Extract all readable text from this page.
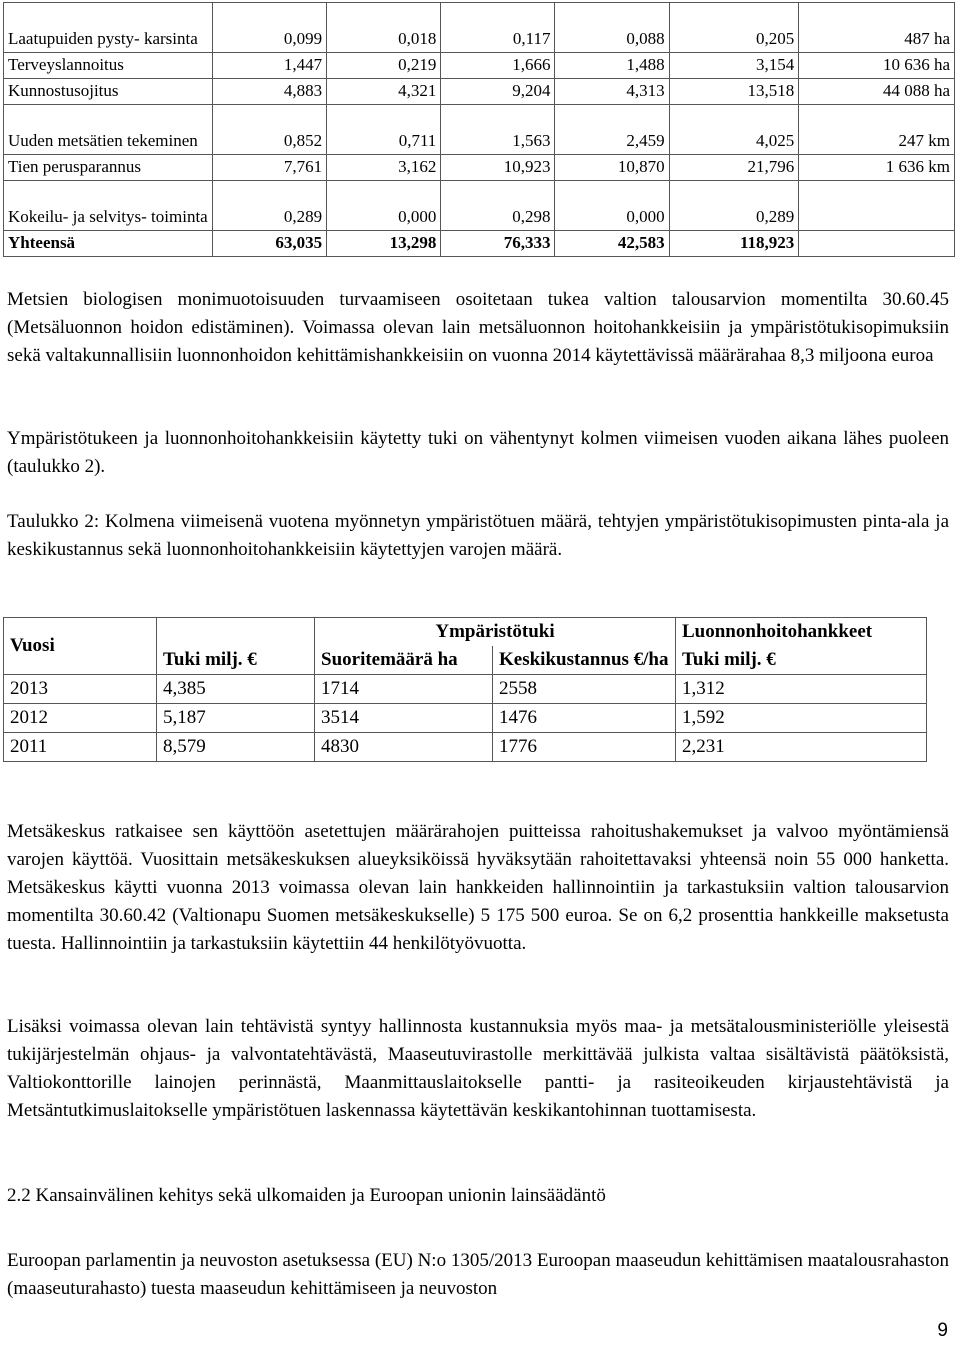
Laatupuiden pysty- karsinta	0,099	0,018	0,117	0,088	0,205	487 ha
Terveyslannoitus	1,447	0,219	1,666	1,488	3,154	10 636 ha
Kunnostusojitus	4,883	4,321	9,204	4,313	13,518	44 088 ha
Uuden metsätien tekeminen	0,852	0,711	1,563	2,459	4,025	247 km
Tien perusparannus	7,761	3,162	10,923	10,870	21,796	1 636 km
Kokeilu- ja selvitys- toiminta	0,289	0,000	0,298	0,000	0,289	
Yhteensä	63,035	13,298	76,333	42,583	118,923	

Metsien biologisen monimuotoisuuden turvaamiseen osoitetaan tukea valtion talousarvion momentilta 30.60.45 (Metsäluonnon hoidon edistäminen). Voimassa olevan lain metsäluonnon hoitohankkeisiin ja ympäristötukisopimuksiin sekä valtakunnallisiin luonnonhoidon kehittämishankkeisiin on vuonna 2014 käytettävissä määrärahaa 8,3 miljoona euroa

Ympäristötukeen ja luonnonhoitohankkeisiin käytetty tuki on vähentynyt kolmen viimeisen vuoden aikana lähes puoleen (taulukko 2).

Taulukko 2: Kolmena viimeisenä vuotena myönnetyn ympäristötuen määrä, tehtyjen ympäristötukisopimusten pinta-ala ja keskikustannus sekä luonnonhoitohankkeisiin käytettyjen varojen määrä.

Vuosi		Ympäristötuki		Luonnonhoitohankkeet
	Tuki milj. €	Suoritemäärä ha	Keskikustannus €/ha	Tuki milj. €
2013	4,385	1714	2558	1,312
2012	5,187	3514	1476	1,592
2011	8,579	4830	1776	2,231

Metsäkeskus ratkaisee sen käyttöön asetettujen määrärahojen puitteissa rahoitushakemukset ja valvoo myöntämiensä varojen käyttöä. Vuosittain metsäkeskuksen alueyksiköissä hyväksytään rahoitettavaksi yhteensä noin 55 000 hanketta. Metsäkeskus käytti vuonna 2013 voimassa olevan lain hankkeiden hallinnointiin ja tarkastuksiin valtion talousarvion momentilta 30.60.42 (Valtionapu Suomen metsäkeskukselle) 5 175 500 euroa. Se on 6,2 prosenttia hankkeille maksetusta tuesta. Hallinnointiin ja tarkastuksiin käytettiin 44 henkilötyövuotta.

Lisäksi voimassa olevan lain tehtävistä syntyy hallinnosta kustannuksia myös maa- ja metsätalousministeriölle yleisestä tukijärjestelmän ohjaus- ja valvontatehtävästä, Maaseutuvirastolle merkittävää julkista valtaa sisältävistä päätöksistä, Valtiokonttorille lainojen perinnästä, Maanmittauslaitokselle pantti- ja rasiteoikeuden kirjaustehtävistä ja Metsäntutkimuslaitokselle ympäristötuen laskennassa käytettävän keskikantohinnan tuottamisesta.

2.2 Kansainvälinen kehitys sekä ulkomaiden ja Euroopan unionin lainsäädäntö

Euroopan parlamentin ja neuvoston asetuksessa (EU) N:o 1305/2013 Euroopan maaseudun kehittämisen maatalousrahaston (maaseuturahasto) tuesta maaseudun kehittämiseen ja neuvoston

9
